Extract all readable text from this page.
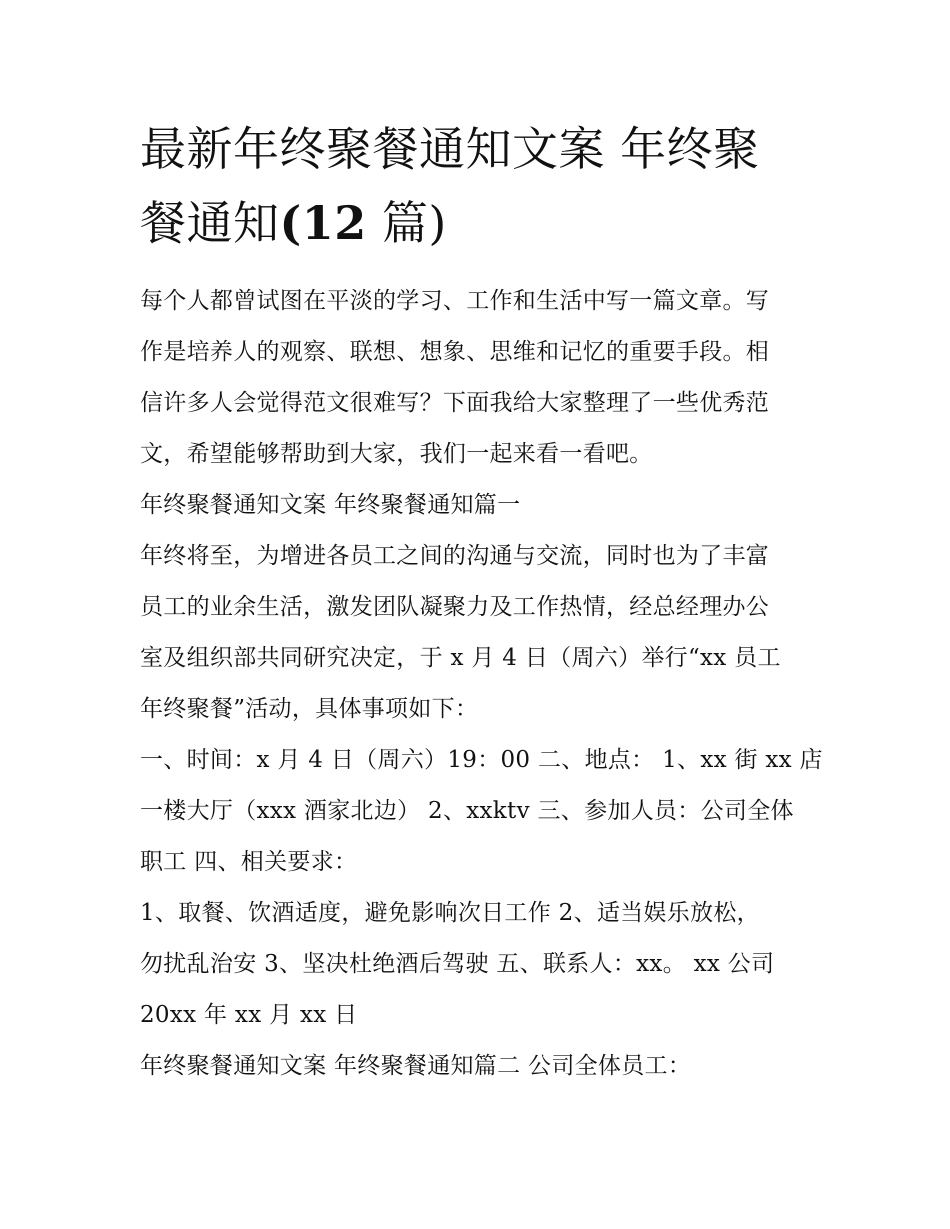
最新年终聚餐通知文案 年终聚
餐通知(12 篇)

每个人都曾试图在平淡的学习、工作和生活中写一篇文章。写

作是培养人的观察、联想、想象、思维和记忆的重要手段。相

信许多人会觉得范文很难写？下面我给大家整理了一些优秀范

文，希望能够帮助到大家，我们一起来看一看吧。

年终聚餐通知文案 年终聚餐通知篇一

年终将至，为增进各员工之间的沟通与交流，同时也为了丰富

员工的业余生活，激发团队凝聚力及工作热情，经总经理办公

室及组织部共同研究决定，于 x 月 4 日（周六）举行“xx 员工

年终聚餐”活动，具体事项如下：

一、时间：x 月 4 日（周六）19：00 二、地点： 1、xx 街 xx 店

一楼大厅（xxx 酒家北边） 2、xxktv 三、参加人员：公司全体

职工 四、相关要求：

1、取餐、饮酒适度，避免影响次日工作 2、适当娱乐放松，

勿扰乱治安 3、坚决杜绝酒后驾驶 五、联系人：xx。 xx 公司

20xx 年 xx 月 xx 日

年终聚餐通知文案 年终聚餐通知篇二 公司全体员工：
